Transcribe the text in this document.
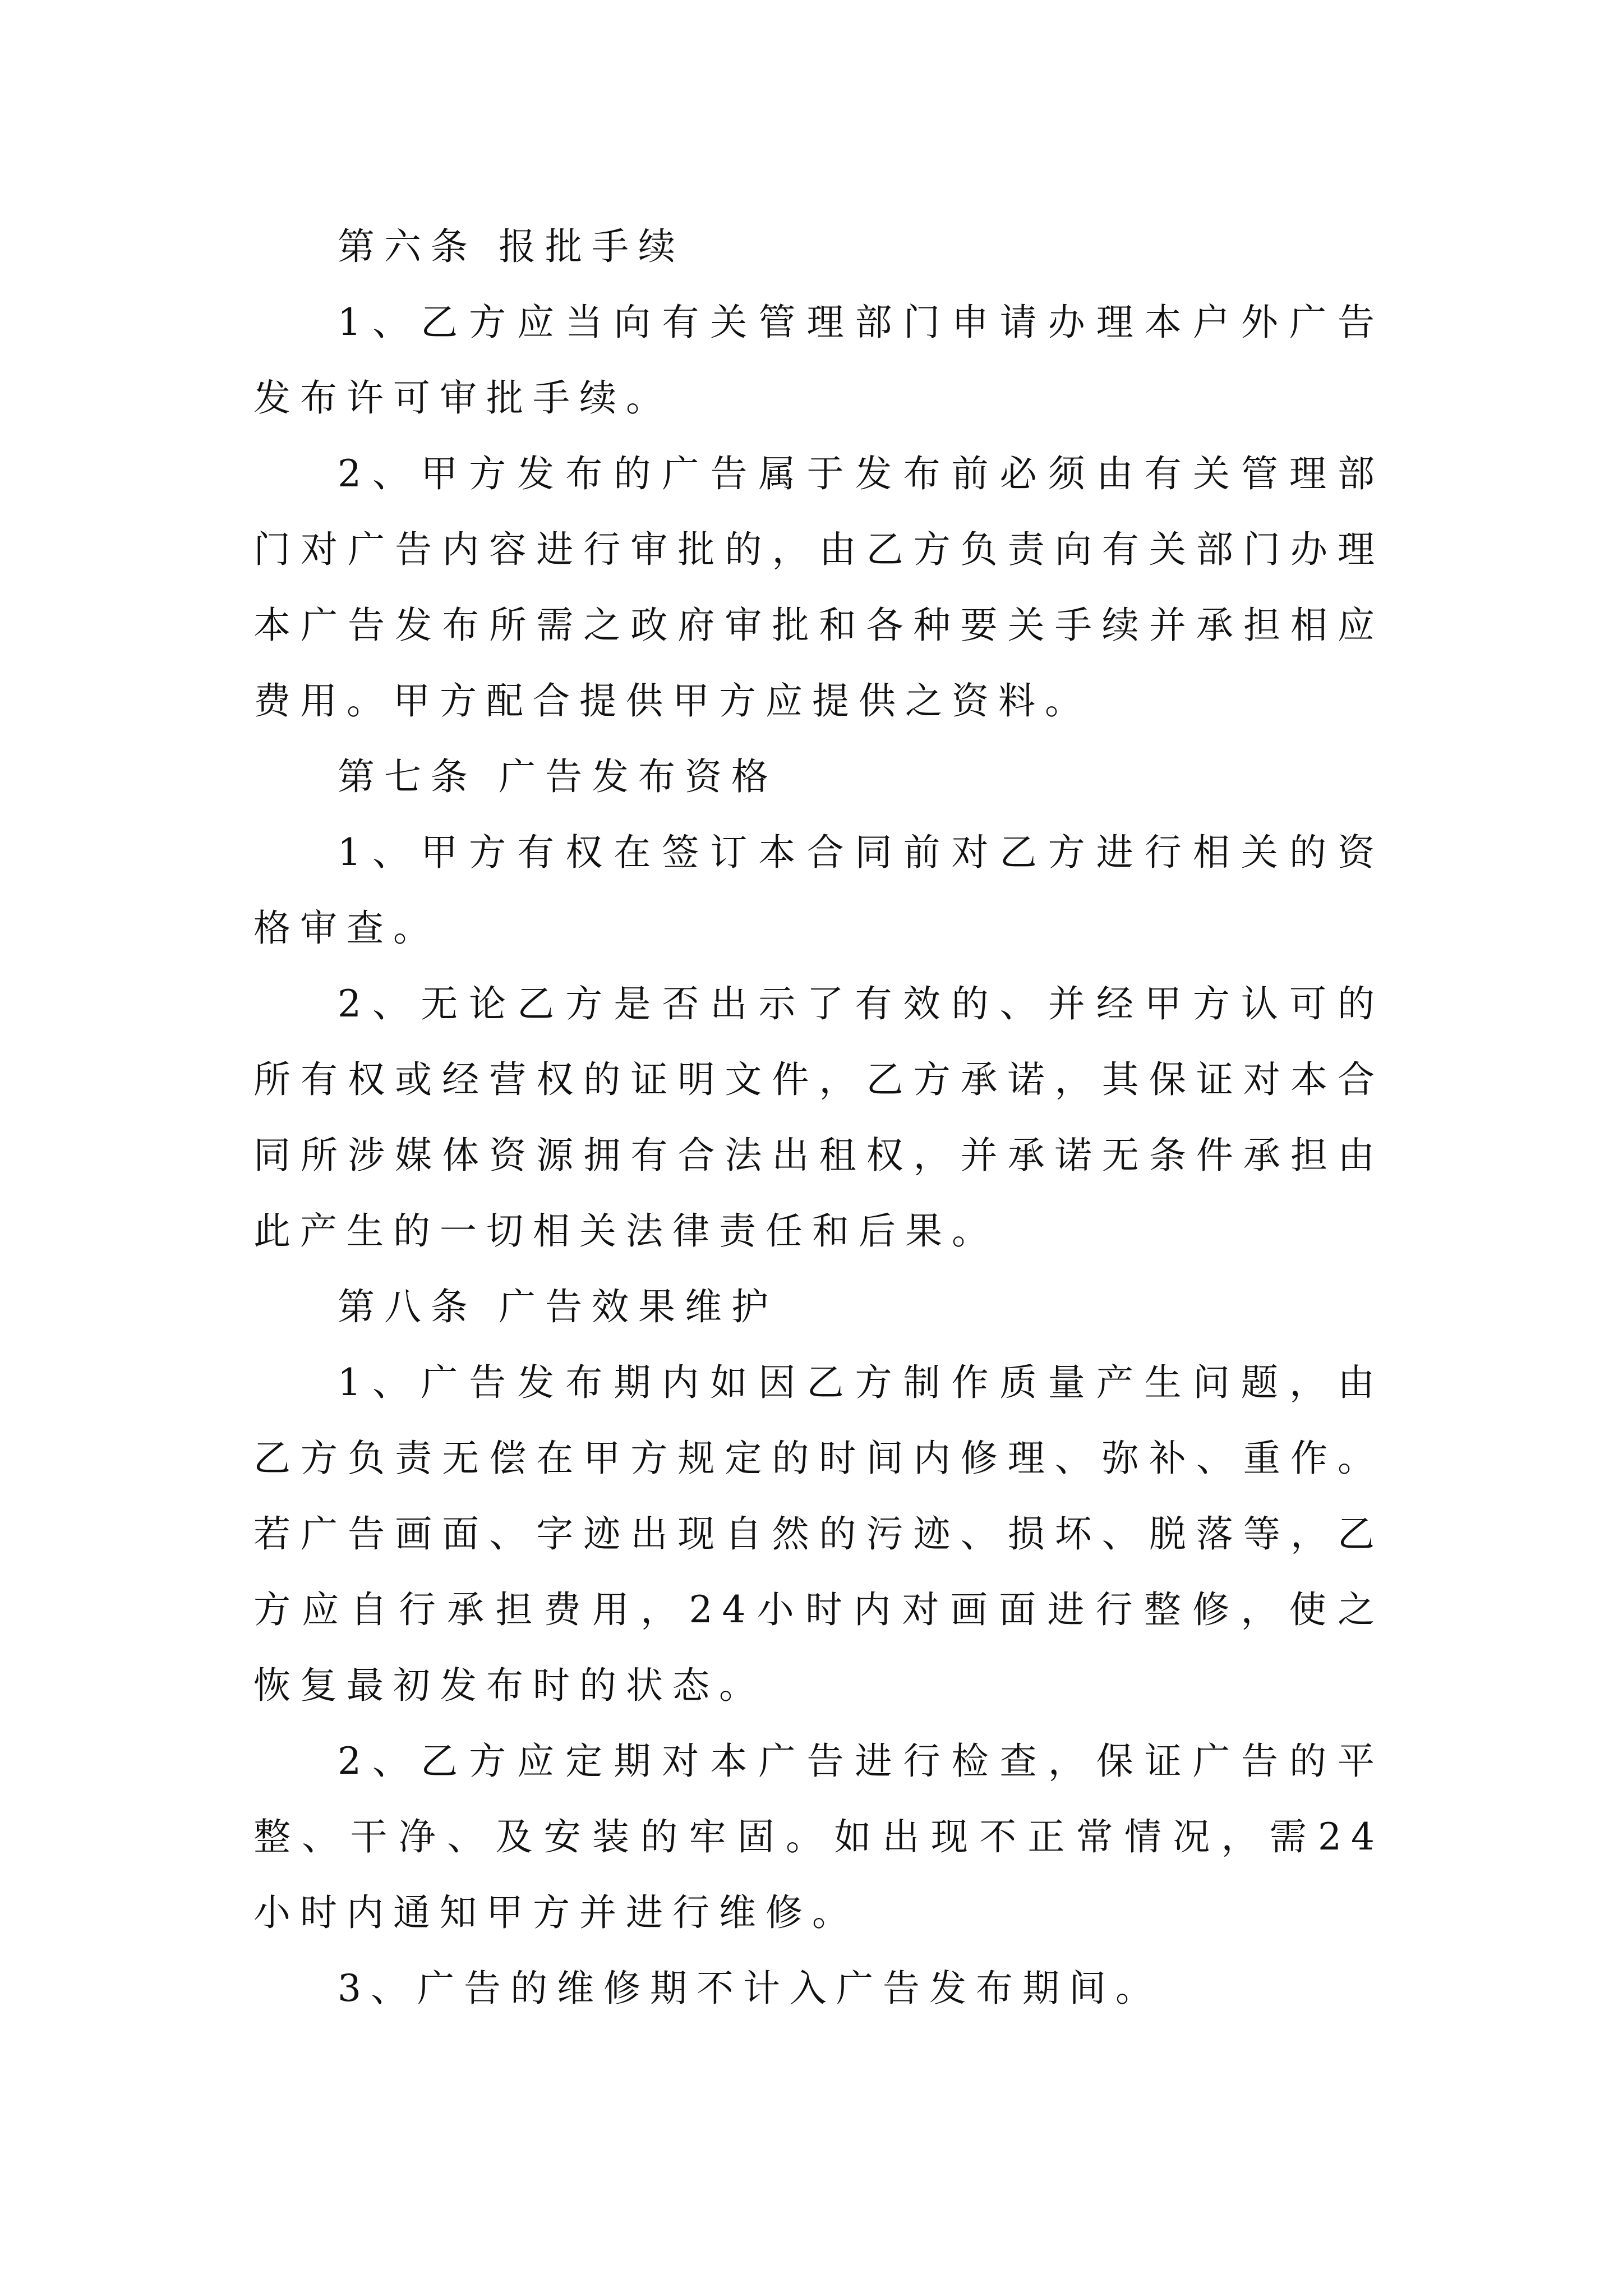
第六条 报批手续

1、乙方应当向有关管理部门申请办理本户外广告发布许可审批手续。

2、甲方发布的广告属于发布前必须由有关管理部门对广告内容进行审批的，由乙方负责向有关部门办理本广告发布所需之政府审批和各种要关手续并承担相应费用。甲方配合提供甲方应提供之资料。

第七条 广告发布资格

1、甲方有权在签订本合同前对乙方进行相关的资格审查。

2、无论乙方是否出示了有效的、并经甲方认可的所有权或经营权的证明文件，乙方承诺，其保证对本合同所涉媒体资源拥有合法出租权，并承诺无条件承担由此产生的一切相关法律责任和后果。

第八条 广告效果维护

1、广告发布期内如因乙方制作质量产生问题，由乙方负责无偿在甲方规定的时间内修理、弥补、重作。若广告画面、字迹出现自然的污迹、损坏、脱落等，乙方应自行承担费用，24小时内对画面进行整修，使之恢复最初发布时的状态。

2、乙方应定期对本广告进行检查，保证广告的平整、干净、及安装的牢固。如出现不正常情况，需24小时内通知甲方并进行维修。

3、广告的维修期不计入广告发布期间。
